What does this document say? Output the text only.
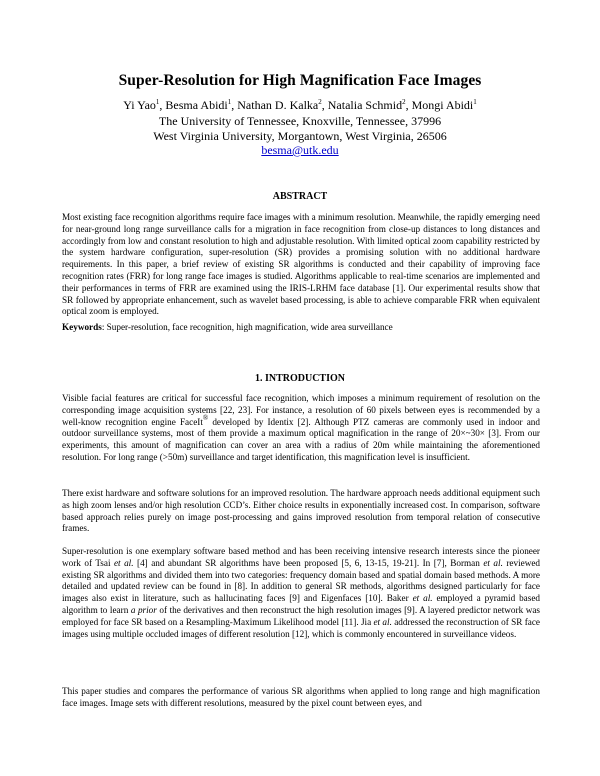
Super-Resolution for High Magnification Face Images
Yi Yao$^1$, Besma Abidi$^1$, Nathan D. Kalka$^2$, Natalia Schmid$^2$, Mongi Abidi$^1$
The University of Tennessee, Knoxville, Tennessee, 37996
West Virginia University, Morgantown, West Virginia, 26506
besma@utk.edu
ABSTRACT

Most existing face recognition algorithms require face images with a minimum resolution. Meanwhile, the rapidly emerging need for near-ground long range surveillance calls for a migration in face recognition from close-up distances to long distances and accordingly from low and constant resolution to high and adjustable resolution. With limited optical zoom capability restricted by the system hardware configuration, super-resolution (SR) provides a promising solution with no additional hardware requirements. In this paper, a brief review of existing SR algorithms is conducted and their capability of improving face recognition rates (FRR) for long range face images is studied. Algorithms applicable to real-time scenarios are implemented and their performances in terms of FRR are examined using the IRIS-LRHM face database [1]. Our experimental results show that SR followed by appropriate enhancement, such as wavelet based processing, is able to achieve comparable FRR when equivalent optical zoom is employed.

Keywords: Super-resolution, face recognition, high magnification, wide area surveillance

1. INTRODUCTION

Visible facial features are critical for successful face recognition, which imposes a minimum requirement of resolution on the corresponding image acquisition systems [22, 23]. For instance, a resolution of 60 pixels between eyes is recommended by a well-know recognition engine FaceIt® developed by Identix [2]. Although PTZ cameras are commonly used in indoor and outdoor surveillance systems, most of them provide a maximum optical magnification in the range of 20×~30× [3]. From our experiments, this amount of magnification can cover an area with a radius of 20m while maintaining the aforementioned resolution. For long range (>50m) surveillance and target identification, this magnification level is insufficient.

There exist hardware and software solutions for an improved resolution. The hardware approach needs additional equipment such as high zoom lenses and/or high resolution CCD’s. Either choice results in exponentially increased cost. In comparison, software based approach relies purely on image post-processing and gains improved resolution from temporal relation of consecutive frames.

Super-resolution is one exemplary software based method and has been receiving intensive research interests since the pioneer work of Tsai et al. [4] and abundant SR algorithms have been proposed [5, 6, 13-15, 19-21]. In [7], Borman et al. reviewed existing SR algorithms and divided them into two categories: frequency domain based and spatial domain based methods. A more detailed and updated review can be found in [8]. In addition to general SR methods, algorithms designed particularly for face images also exist in literature, such as hallucinating faces [9] and Eigenfaces [10]. Baker et al. employed a pyramid based algorithm to learn a prior of the derivatives and then reconstruct the high resolution images [9]. A layered predictor network was employed for face SR based on a Resampling-Maximum Likelihood model [11]. Jia et al. addressed the reconstruction of SR face images using multiple occluded images of different resolution [12], which is commonly encountered in surveillance videos.

This paper studies and compares the performance of various SR algorithms when applied to long range and high magnification face images. Image sets with different resolutions, measured by the pixel count between eyes, and
